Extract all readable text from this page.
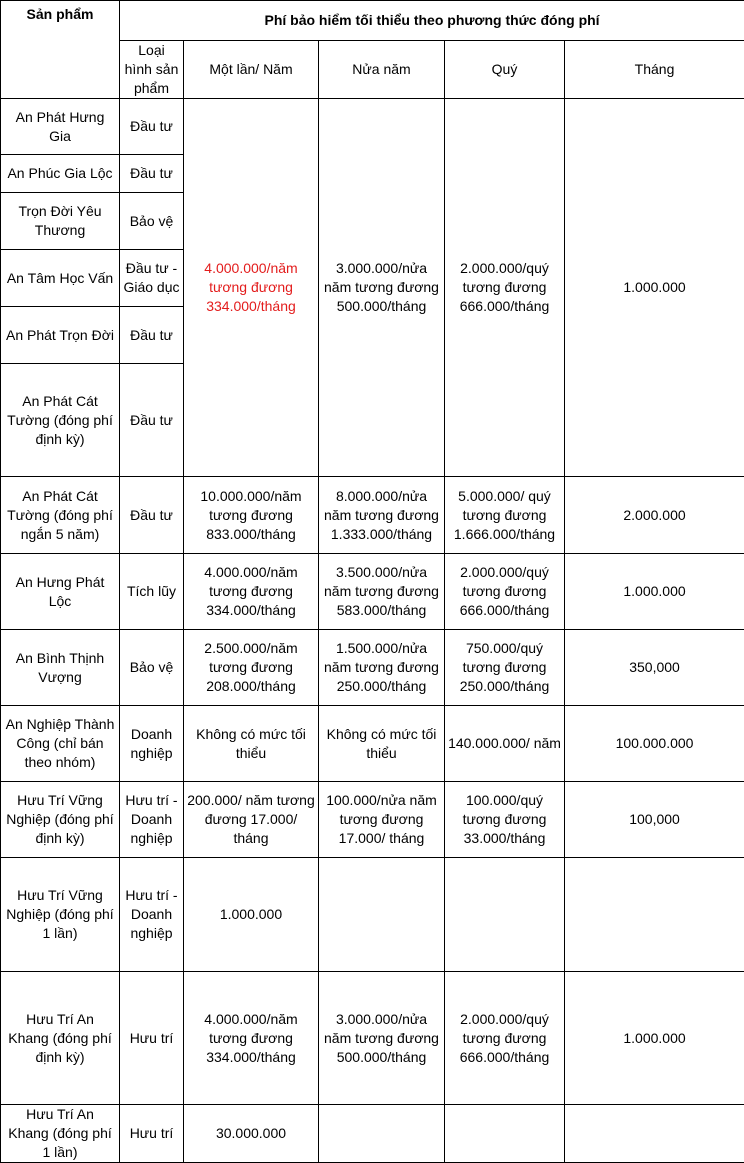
Sản phẩm	Phí bảo hiểm tối thiểu theo phương thức đóng phí				
	Loại hình sản phẩm	Một lần/ Năm	Nửa năm	Quý	Tháng
An Phát Hưng Gia	Đầu tư	4.000.000/năm tương đương 334.000/tháng	3.000.000/nửa năm tương đương 500.000/tháng	2.000.000/quý tương đương 666.000/tháng	1.000.000
An Phúc Gia Lộc	Đầu tư				
Trọn Đời Yêu Thương	Bảo vệ				
An Tâm Học Vấn	Đầu tư - Giáo dục				
An Phát Trọn Đời	Đầu tư				
An Phát Cát Tường (đóng phí định kỳ)	Đầu tư				
An Phát Cát Tường (đóng phí ngắn 5 năm)	Đầu tư	10.000.000/năm tương đương 833.000/tháng	8.000.000/nửa năm tương đương 1.333.000/tháng	5.000.000/ quý tương đương 1.666.000/tháng	2.000.000
An Hưng Phát Lộc	Tích lũy	4.000.000/năm tương đương 334.000/tháng	3.500.000/nửa năm tương đương 583.000/tháng	2.000.000/quý tương đương 666.000/tháng	1.000.000
An Bình Thịnh Vượng	Bảo vệ	2.500.000/năm tương đương 208.000/tháng	1.500.000/nửa năm tương đương 250.000/tháng	750.000/quý tương đương 250.000/tháng	350,000
An Nghiệp Thành Công (chỉ bán theo nhóm)	Doanh nghiệp	Không có mức tối thiểu	Không có mức tối thiểu	140.000.000/ năm	100.000.000
Hưu Trí Vững Nghiệp (đóng phí định kỳ)	Hưu trí - Doanh nghiệp	200.000/ năm tương đương 17.000/ tháng	100.000/nửa năm tương đương 17.000/ tháng	100.000/quý tương đương 33.000/tháng	100,000
Hưu Trí Vững Nghiệp (đóng phí 1 lần)	Hưu trí - Doanh nghiệp	1.000.000			
Hưu Trí An Khang (đóng phí định kỳ)	Hưu trí	4.000.000/năm tương đương 334.000/tháng	3.000.000/nửa năm tương đương 500.000/tháng	2.000.000/quý tương đương 666.000/tháng	1.000.000
Hưu Trí An Khang (đóng phí 1 lần)	Hưu trí	30.000.000			
